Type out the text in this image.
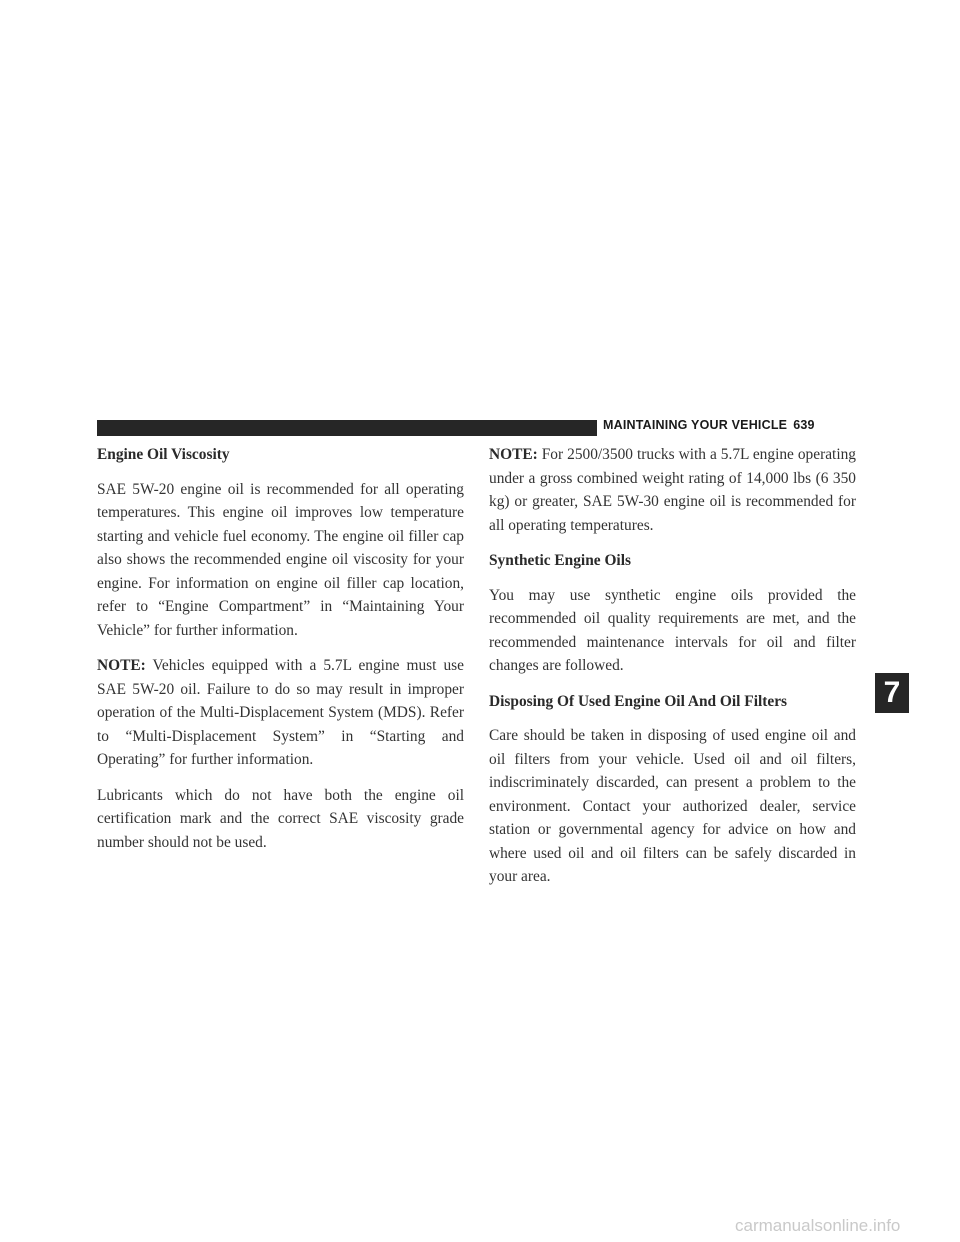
MAINTAINING YOUR VEHICLE 639
Engine Oil Viscosity

SAE 5W-20 engine oil is recommended for all operating temperatures. This engine oil improves low temperature starting and vehicle fuel economy. The engine oil filler cap also shows the recommended engine oil viscosity for your engine. For information on engine oil filler cap location, refer to “Engine Compartment” in “Maintaining Your Vehicle” for further information.

NOTE: Vehicles equipped with a 5.7L engine must use SAE 5W-20 oil. Failure to do so may result in improper operation of the Multi-Displacement System (MDS). Refer to “Multi-Displacement System” in “Starting and Operating” for further information.

Lubricants which do not have both the engine oil certification mark and the correct SAE viscosity grade number should not be used.

NOTE: For 2500/3500 trucks with a 5.7L engine operating under a gross combined weight rating of 14,000 lbs (6 350 kg) or greater, SAE 5W-30 engine oil is recommended for all operating temperatures.

Synthetic Engine Oils

You may use synthetic engine oils provided the recommended oil quality requirements are met, and the recommended maintenance intervals for oil and filter changes are followed.

Disposing Of Used Engine Oil And Oil Filters

Care should be taken in disposing of used engine oil and oil filters from your vehicle. Used oil and oil filters, indiscriminately discarded, can present a problem to the environment. Contact your authorized dealer, service station or governmental agency for advice on how and where used oil and oil filters can be safely discarded in your area.

7
carmanualsonline.info
